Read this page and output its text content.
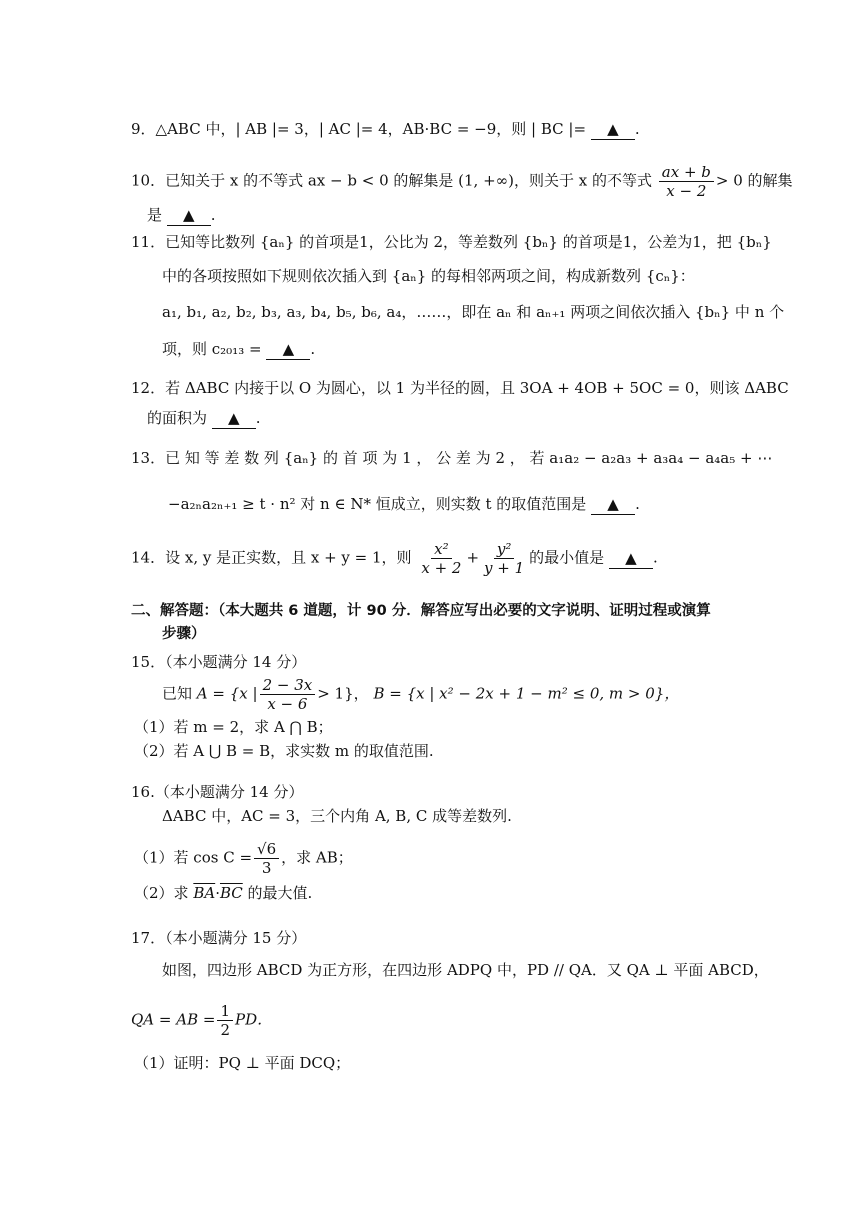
9．△ABC 中，| AB |= 3，| AC |= 4，AB·BC = −9，则 | BC |= ▲ .
10．已知关于 x 的不等式 ax − b < 0 的解集是 (1, +∞)，则关于 x 的不等式 $\frac{ax + b}{x - 2} > 0$ 的解集
是 ▲ .
11．已知等比数列 {aₙ} 的首项是1，公比为 2，等差数列 {bₙ} 的首项是1，公差为1，把 {bₙ}
中的各项按照如下规则依次插入到 {aₙ} 的每相邻两项之间，构成新数列 {cₙ}：
a₁, b₁, a₂, b₂, b₃, a₃, b₄, b₅, b₆, a₄，……，即在 aₙ 和 aₙ₊₁ 两项之间依次插入 {bₙ} 中 n 个
项，则 c₂₀₁₃ = ▲ .
12．若 ΔABC 内接于以 O 为圆心，以 1 为半径的圆，且 3OA + 4OB + 5OC = 0，则该 ΔABC
的面积为 ▲ .
13．已 知 等 差 数 列 {aₙ} 的 首 项 为 1 ， 公 差 为 2 ， 若 a₁a₂ − a₂a₃ + a₃a₄ − a₄a₅ + ⋯
−a₂ₙa₂ₙ₊₁ ≥ t · n² 对 n ∈ N* 恒成立，则实数 t 的取值范围是 ▲ .
14．设 x, y 是正实数，且 x + y = 1，则 $\frac{\text{x²}}{x + 2} + \frac{\text{y²}}{y + 1}$ 的最小值是 ▲ .
二、解答题：（本大题共 6 道题，计 90 分．解答应写出必要的文字说明、证明过程或演算
步骤）
15．（本小题满分 14 分）
已知 A = {x | $\frac{2 - 3x}{x - 6} > 1$}， B = {x | x² − 2x + 1 − m² ≤ 0, m > 0}，
（1）若 m = 2，求 A ⋂ B；
（2）若 A ⋃ B = B，求实数 m 的取值范围.
16.（本小题满分 14 分）
ΔABC 中，AC = 3，三个内角 A, B, C 成等差数列.
（1）若 $\cos C = \frac{√6}{3}$ ，求 AB；
（2）求 $\overline{BA}\cdot\overline{BC}$ 的最大值.
17．（本小题满分 15 分）
如图，四边形 ABCD 为正方形，在四边形 ADPQ 中，PD // QA．又 QA ⊥ 平面 ABCD，
QA = AB = $\frac{1}{2}$ PD．
（1）证明：PQ ⊥ 平面 DCQ；
